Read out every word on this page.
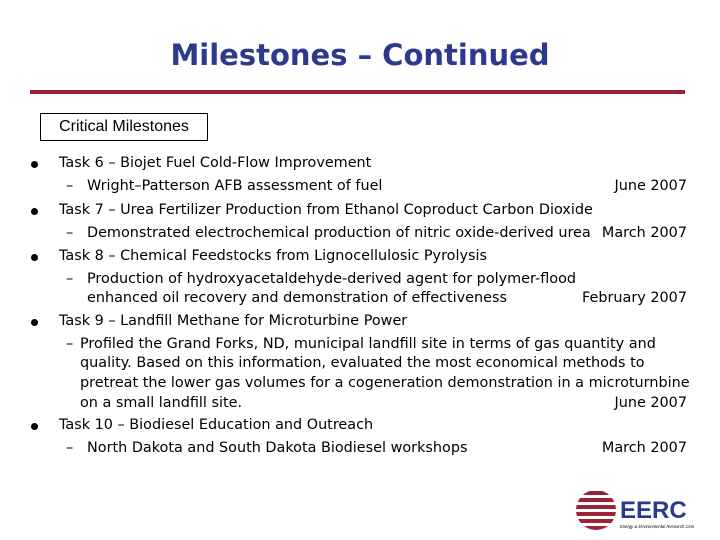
Milestones – Continued
Critical Milestones
Task 6 – Biojet Fuel Cold-Flow Improvement
– Wright–Patterson AFB assessment of fuel	June 2007
Task 7 – Urea Fertilizer Production from Ethanol Coproduct Carbon Dioxide
– Demonstrated electrochemical production of nitric oxide-derived urea March 2007
Task 8 – Chemical Feedstocks from Lignocellulosic Pyrolysis
– Production of hydroxyacetaldehyde-derived agent for polymer-flood
enhanced oil recovery and demonstration of effectiveness	February 2007
Task 9 – Landfill Methane for Microturbine Power
– Profiled the Grand Forks, ND, municipal landfill site in terms of gas quantity and
quality. Based on this information, evaluated the most economical methods to
pretreat the lower gas volumes for a cogeneration demonstration in a microturnbine
on a small landfill site.	June 2007
Task 10 – Biodiesel Education and Outreach
– North Dakota and South Dakota Biodiesel workshops	March 2007
EERC
Energy & Environmental Research Center
